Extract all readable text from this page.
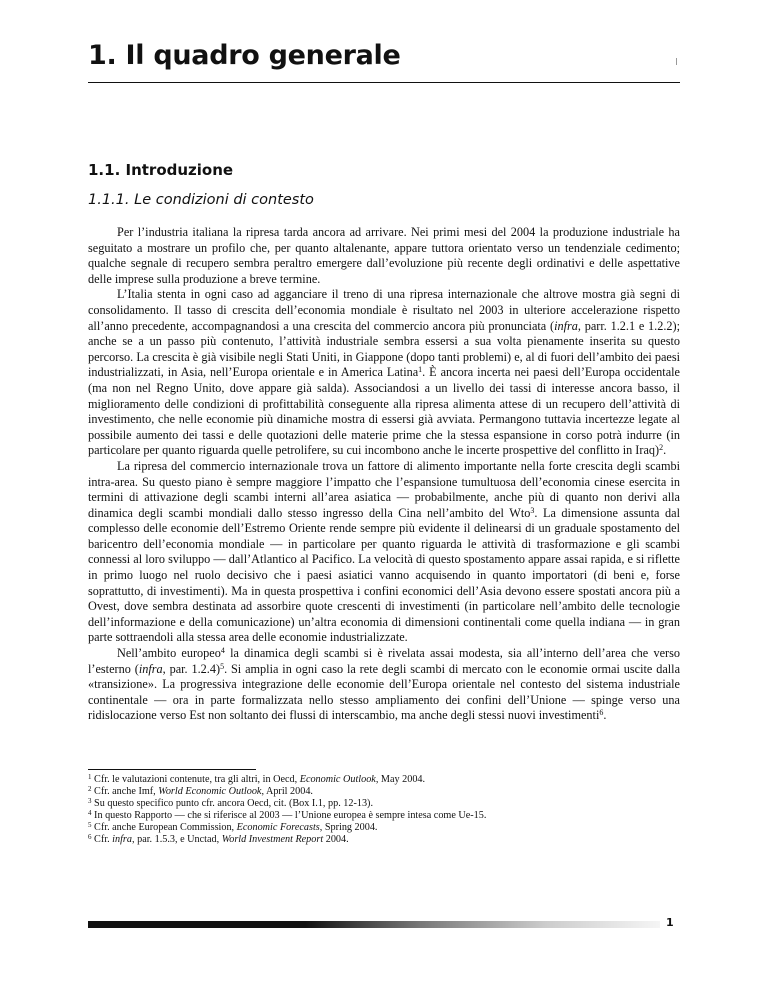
1. Il quadro generale
1.1. Introduzione
1.1.1. Le condizioni di contesto

Per l’industria italiana la ripresa tarda ancora ad arrivare. Nei primi mesi del 2004 la produzione industriale ha seguitato a mostrare un profilo che, per quanto altalenante, appare tuttora orientato verso un tendenziale cedimento; qualche segnale di recupero sembra peraltro emergere dall’evoluzione più recente degli ordinativi e delle aspettative delle imprese sulla produzione a breve termine.

L’Italia stenta in ogni caso ad agganciare il treno di una ripresa internazionale che altrove mostra già segni di consolidamento. Il tasso di crescita dell’economia mondiale è risultato nel 2003 in ulteriore accelerazione rispetto all’anno precedente, accompagnandosi a una crescita del commercio ancora più pronunciata (infra, parr. 1.2.1 e 1.2.2); anche se a un passo più contenuto, l’attività industriale sembra essersi a sua volta pienamente inserita su questo percorso. La crescita è già visibile negli Stati Uniti, in Giappone (dopo tanti problemi) e, al di fuori dell’ambito dei paesi industrializzati, in Asia, nell’Europa orientale e in America Latina$^1$. È ancora incerta nei paesi dell’Europa occidentale (ma non nel Regno Unito, dove appare già salda). Associandosi a un livello dei tassi di interesse ancora basso, il miglioramento delle condizioni di profittabilità conseguente alla ripresa alimenta attese di un recupero dell’attività di investimento, che nelle economie più dinamiche mostra di essersi già avviata. Permangono tuttavia incertezze legate al possibile aumento dei tassi e delle quotazioni delle materie prime che la stessa espansione in corso potrà indurre (in particolare per quanto riguarda quelle petrolifere, su cui incombono anche le incerte prospettive del conflitto in Iraq)$^2$.

La ripresa del commercio internazionale trova un fattore di alimento importante nella forte crescita degli scambi intra-area. Su questo piano è sempre maggiore l’impatto che l’espansione tumultuosa dell’economia cinese esercita in termini di attivazione degli scambi interni all’area asiatica — probabilmente, anche più di quanto non derivi alla dinamica degli scambi mondiali dallo stesso ingresso della Cina nell’ambito del Wto$^3$. La dimensione assunta dal complesso delle economie dell’Estremo Oriente rende sempre più evidente il delinearsi di un graduale spostamento del baricentro dell’economia mondiale — in particolare per quanto riguarda le attività di trasformazione e gli scambi connessi al loro sviluppo — dall’Atlantico al Pacifico. La velocità di questo spostamento appare assai rapida, e si riflette in primo luogo nel ruolo decisivo che i paesi asiatici vanno acquisendo in quanto importatori (di beni e, forse soprattutto, di investimenti). Ma in questa prospettiva i confini economici dell’Asia devono essere spostati ancora più a Ovest, dove sembra destinata ad assorbire quote crescenti di investimenti (in particolare nell’ambito delle tecnologie dell’informazione e della comunicazione) un’altra economia di dimensioni continentali come quella indiana — in gran parte sottraendoli alla stessa area delle economie industrializzate.

Nell’ambito europeo$^4$ la dinamica degli scambi si è rivelata assai modesta, sia all’interno dell’area che verso l’esterno (infra, par. 1.2.4)$^5$. Si amplia in ogni caso la rete degli scambi di mercato con le economie ormai uscite dalla «transizione». La progressiva integrazione delle economie dell’Europa orientale nel contesto del sistema industriale continentale — ora in parte formalizzata nello stesso ampliamento dei confini dell’Unione — spinge verso una ridislocazione verso Est non soltanto dei flussi di interscambio, ma anche degli stessi nuovi investimenti$^6$.

$^1$ Cfr. le valutazioni contenute, tra gli altri, in Oecd, Economic Outlook, May 2004.

$^2$ Cfr. anche Imf, World Economic Outlook, April 2004.

$^3$ Su questo specifico punto cfr. ancora Oecd, cit. (Box I.1, pp. 12-13).

$^4$ In questo Rapporto — che si riferisce al 2003 — l’Unione europea è sempre intesa come Ue-15.

$^5$ Cfr. anche European Commission, Economic Forecasts, Spring 2004.

$^6$ Cfr. infra, par. 1.5.3, e Unctad, World Investment Report 2004.

1
